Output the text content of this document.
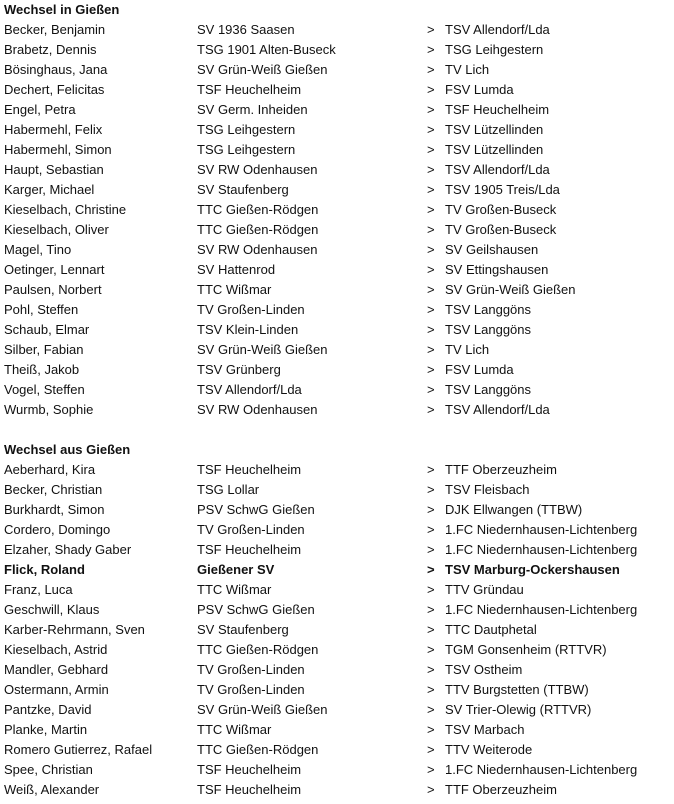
Wechsel in Gießen
Becker, Benjamin	SV 1936 Saasen	> TSV Allendorf/Lda
Brabetz, Dennis	TSG 1901 Alten-Buseck	> TSG Leihgestern
Bösinghaus, Jana	SV Grün-Weiß Gießen	> TV Lich
Dechert, Felicitas	TSF Heuchelheim	> FSV Lumda
Engel, Petra	SV Germ. Inheiden	> TSF Heuchelheim
Habermehl, Felix	TSG Leihgestern	> TSV Lützellinden
Habermehl, Simon	TSG Leihgestern	> TSV Lützellinden
Haupt, Sebastian	SV RW Odenhausen	> TSV Allendorf/Lda
Karger, Michael	SV Staufenberg	> TSV 1905 Treis/Lda
Kieselbach, Christine	TTC Gießen-Rödgen	> TV Großen-Buseck
Kieselbach, Oliver	TTC Gießen-Rödgen	> TV Großen-Buseck
Magel, Tino	SV RW Odenhausen	> SV Geilshausen
Oetinger, Lennart	SV Hattenrod	> SV Ettingshausen
Paulsen, Norbert	TTC Wißmar	> SV Grün-Weiß Gießen
Pohl, Steffen	TV Großen-Linden	> TSV Langgöns
Schaub, Elmar	TSV Klein-Linden	> TSV Langgöns
Silber, Fabian	SV Grün-Weiß Gießen	> TV Lich
Theiß, Jakob	TSV Grünberg	> FSV Lumda
Vogel, Steffen	TSV Allendorf/Lda	> TSV Langgöns
Wurmb, Sophie	SV RW Odenhausen	> TSV Allendorf/Lda
Wechsel aus Gießen
Aeberhard, Kira	TSF Heuchelheim	> TTF Oberzeuzheim
Becker, Christian	TSG Lollar	> TSV Fleisbach
Burkhardt, Simon	PSV SchwG Gießen	> DJK Ellwangen (TTBW)
Cordero, Domingo	TV Großen-Linden	> 1.FC Niedernhausen-Lichtenberg
Elzaher, Shady Gaber	TSF Heuchelheim	> 1.FC Niedernhausen-Lichtenberg
Flick, Roland	Gießener SV	> TSV Marburg-Ockershausen
Franz, Luca	TTC Wißmar	> TTV Gründau
Geschwill, Klaus	PSV SchwG Gießen	> 1.FC Niedernhausen-Lichtenberg
Karber-Rehrmann, Sven	SV Staufenberg	> TTC Dautphetal
Kieselbach, Astrid	TTC Gießen-Rödgen	> TGM Gonsenheim (RTTVR)
Mandler, Gebhard	TV Großen-Linden	> TSV Ostheim
Ostermann, Armin	TV Großen-Linden	> TTV Burgstetten (TTBW)
Pantzke, David	SV Grün-Weiß Gießen	> SV Trier-Olewig (RTTVR)
Planke, Martin	TTC Wißmar	> TSV Marbach
Romero Gutierrez, Rafael	TTC Gießen-Rödgen	> TTV Weiterode
Spee, Christian	TSF Heuchelheim	> 1.FC Niedernhausen-Lichtenberg
Weiß, Alexander	TSF Heuchelheim	> TTF Oberzeuzheim
